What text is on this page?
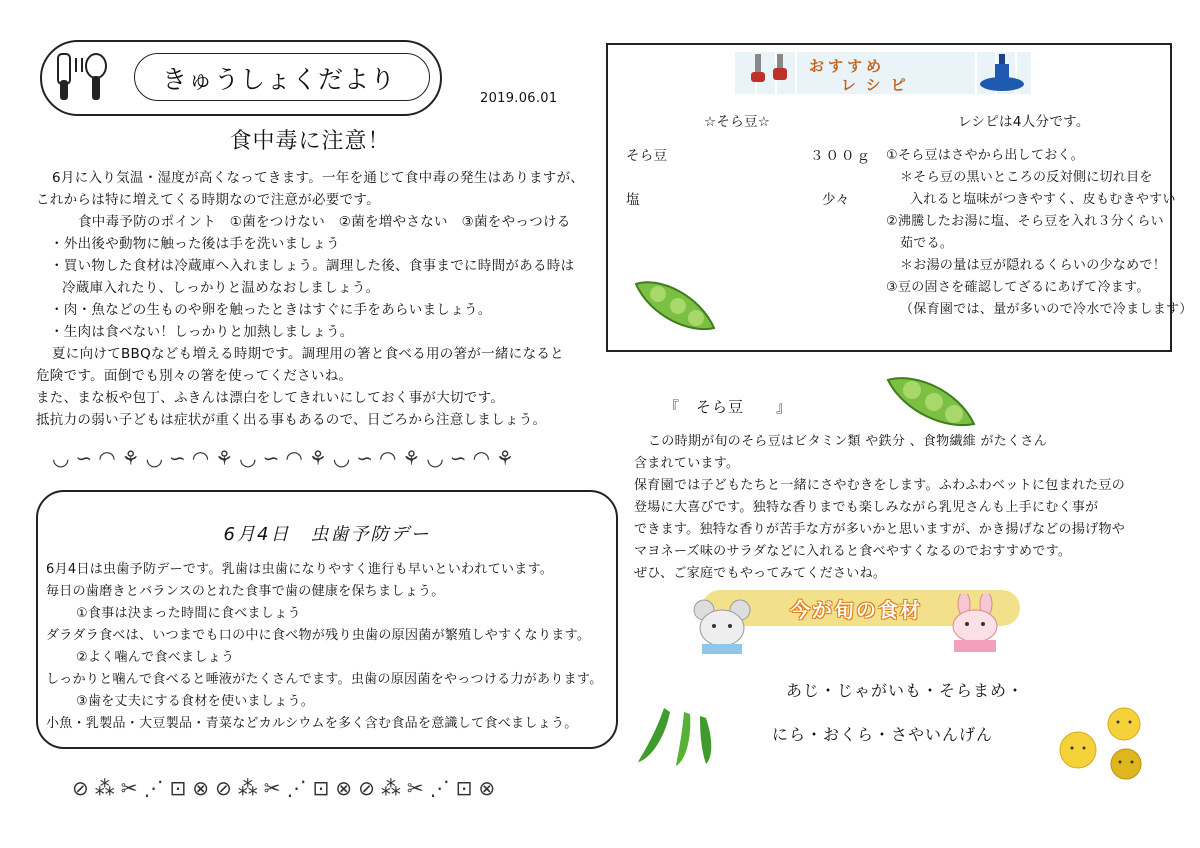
きゅうしょくだより
2019.06.01
食中毒に注意！
6月に入り気温・湿度が高くなってきます。一年を通じて食中毒の発生はありますが、
これからは特に増えてくる時期なので注意が必要です。
食中毒予防のポイント　①菌をつけない　②菌を増やさない　③菌をやっつける
・外出後や動物に触った後は手を洗いましょう
・買い物した食材は冷蔵庫へ入れましょう。調理した後、食事までに時間がある時は
冷蔵庫入れたり、しっかりと温めなおしましょう。
・肉・魚などの生ものや卵を触ったときはすぐに手をあらいましょう。
・生肉は食べない！しっかりと加熱しましょう。
夏に向けてBBQなども増える時期です。調理用の箸と食べる用の箸が一緒になると
危険です。面倒でも別々の箸を使ってくださいね。
また、まな板や包丁、ふきんは漂白をしてきれいにしておく事が大切です。
抵抗力の弱い子どもは症状が重く出る事もあるので、日ごろから注意しましょう。
◡∽◠⚘◡∽◠⚘◡∽◠⚘◡∽◠⚘◡∽◠⚘
6月4日　虫歯予防デー
6月4日は虫歯予防デーです。乳歯は虫歯になりやすく進行も早いといわれています。
毎日の歯磨きとバランスのとれた食事で歯の健康を保ちましょう。
①食事は決まった時間に食べましょう
ダラダラ食べは、いつまでも口の中に食べ物が残り虫歯の原因菌が繁殖しやすくなります。
②よく噛んで食べましょう
しっかりと噛んで食べると唾液がたくさんでます。虫歯の原因菌をやっつける力があります。
③歯を丈夫にする食材を使いましょう。
小魚・乳製品・大豆製品・青菜などカルシウムを多く含む食品を意識して食べましょう。
⊘⁂✂⋰⊡⊗⊘⁂✂⋰⊡⊗⊘⁂✂⋰⊡⊗
おすすめ
レシピ
☆そら豆☆	レシピは4人分です。
そら豆	３００ｇ
塩	少々
①そら豆はさやから出しておく。
＊そら豆の黒いところの反対側に切れ目を
入れると塩味がつきやすく、皮もむきやすい
②沸騰したお湯に塩、そら豆を入れ３分くらい
茹でる。
＊お湯の量は豆が隠れるくらいの少なめで！
③豆の固さを確認してざるにあげて冷ます。
（保育園では、量が多いので冷水で冷まします）
『　そら豆　　』
この時期が旬のそら豆はビタミン類 や鉄分 、食物繊維 がたくさん
含まれています。
保育園では子どもたちと一緒にさやむきをします。ふわふわベットに包まれた豆の
登場に大喜びです。独特な香りまでも楽しみながら乳児さんも上手にむく事が
できます。独特な香りが苦手な方が多いかと思いますが、かき揚げなどの揚げ物や
マヨネーズ味のサラダなどに入れると食べやすくなるのでおすすめです。
ぜひ、ご家庭でもやってみてくださいね。
今が旬の食材
あじ・じゃがいも・そらまめ・
にら・おくら・さやいんげん
